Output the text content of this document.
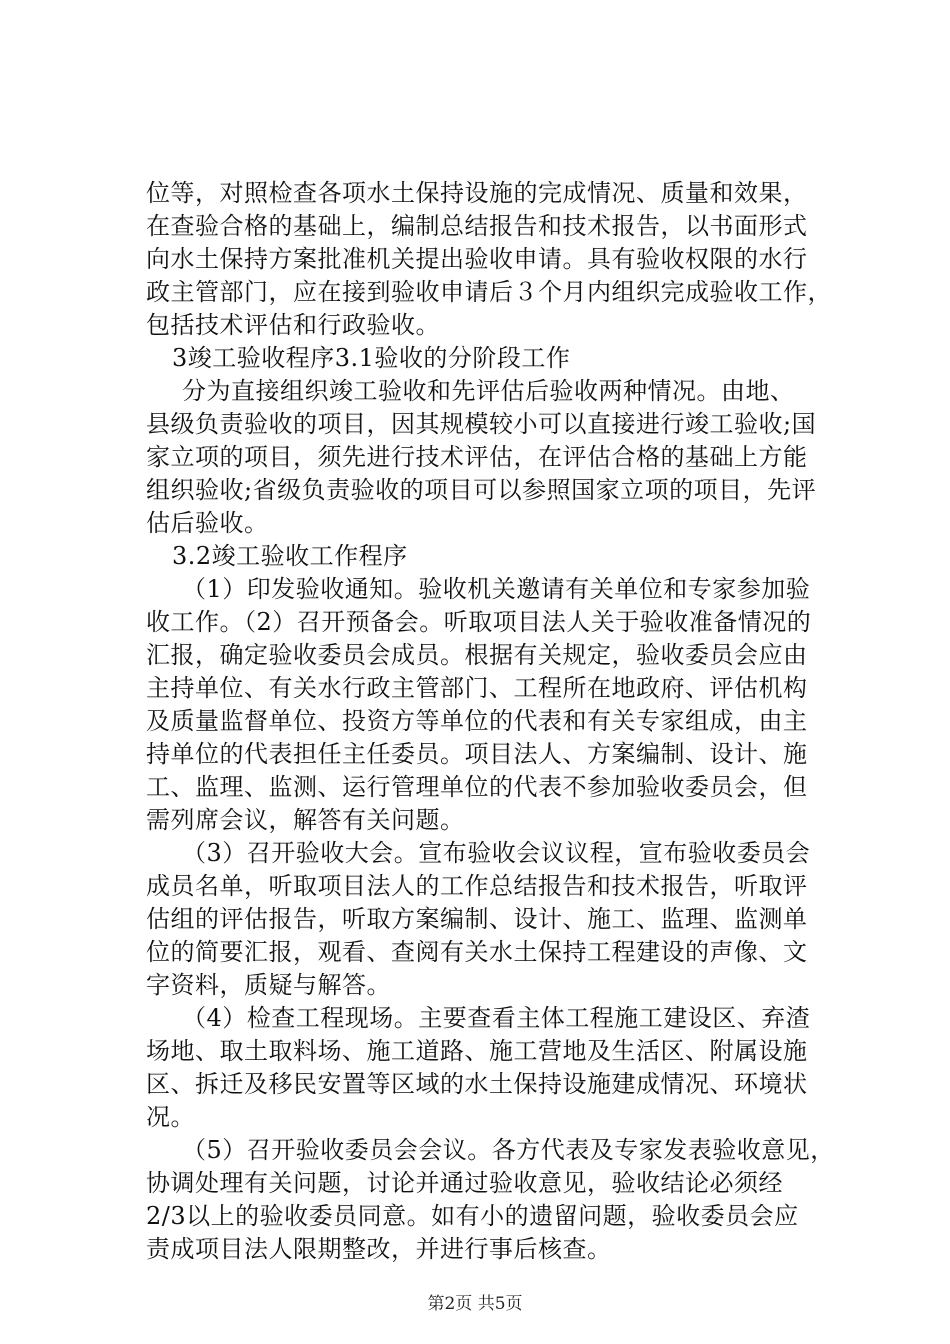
位等，对照检查各项水土保持设施的完成情况、质量和效果，
在查验合格的基础上，编制总结报告和技术报告，以书面形式
向水土保持方案批准机关提出验收申请。具有验收权限的水行
政主管部门，应在接到验收申请后３个月内组织完成验收工作，
包括技术评估和行政验收。
3竣工验收程序3.1验收的分阶段工作
分为直接组织竣工验收和先评估后验收两种情况。由地、
县级负责验收的项目，因其规模较小可以直接进行竣工验收;国
家立项的项目，须先进行技术评估，在评估合格的基础上方能
组织验收;省级负责验收的项目可以参照国家立项的项目，先评
估后验收。
3.2竣工验收工作程序
（1）印发验收通知。验收机关邀请有关单位和专家参加验
收工作。（2）召开预备会。听取项目法人关于验收准备情况的
汇报，确定验收委员会成员。根据有关规定，验收委员会应由
主持单位、有关水行政主管部门、工程所在地政府、评估机构
及质量监督单位、投资方等单位的代表和有关专家组成，由主
持单位的代表担任主任委员。项目法人、方案编制、设计、施
工、监理、监测、运行管理单位的代表不参加验收委员会，但
需列席会议，解答有关问题。
（3）召开验收大会。宣布验收会议议程，宣布验收委员会
成员名单，听取项目法人的工作总结报告和技术报告，听取评
估组的评估报告，听取方案编制、设计、施工、监理、监测单
位的简要汇报，观看、查阅有关水土保持工程建设的声像、文
字资料，质疑与解答。
（4）检查工程现场。主要查看主体工程施工建设区、弃渣
场地、取土取料场、施工道路、施工营地及生活区、附属设施
区、拆迁及移民安置等区域的水土保持设施建成情况、环境状
况。
（5）召开验收委员会会议。各方代表及专家发表验收意见，
协调处理有关问题，讨论并通过验收意见，验收结论必须经
2/3以上的验收委员同意。如有小的遗留问题，验收委员会应
责成项目法人限期整改，并进行事后核查。
第2页 共5页
